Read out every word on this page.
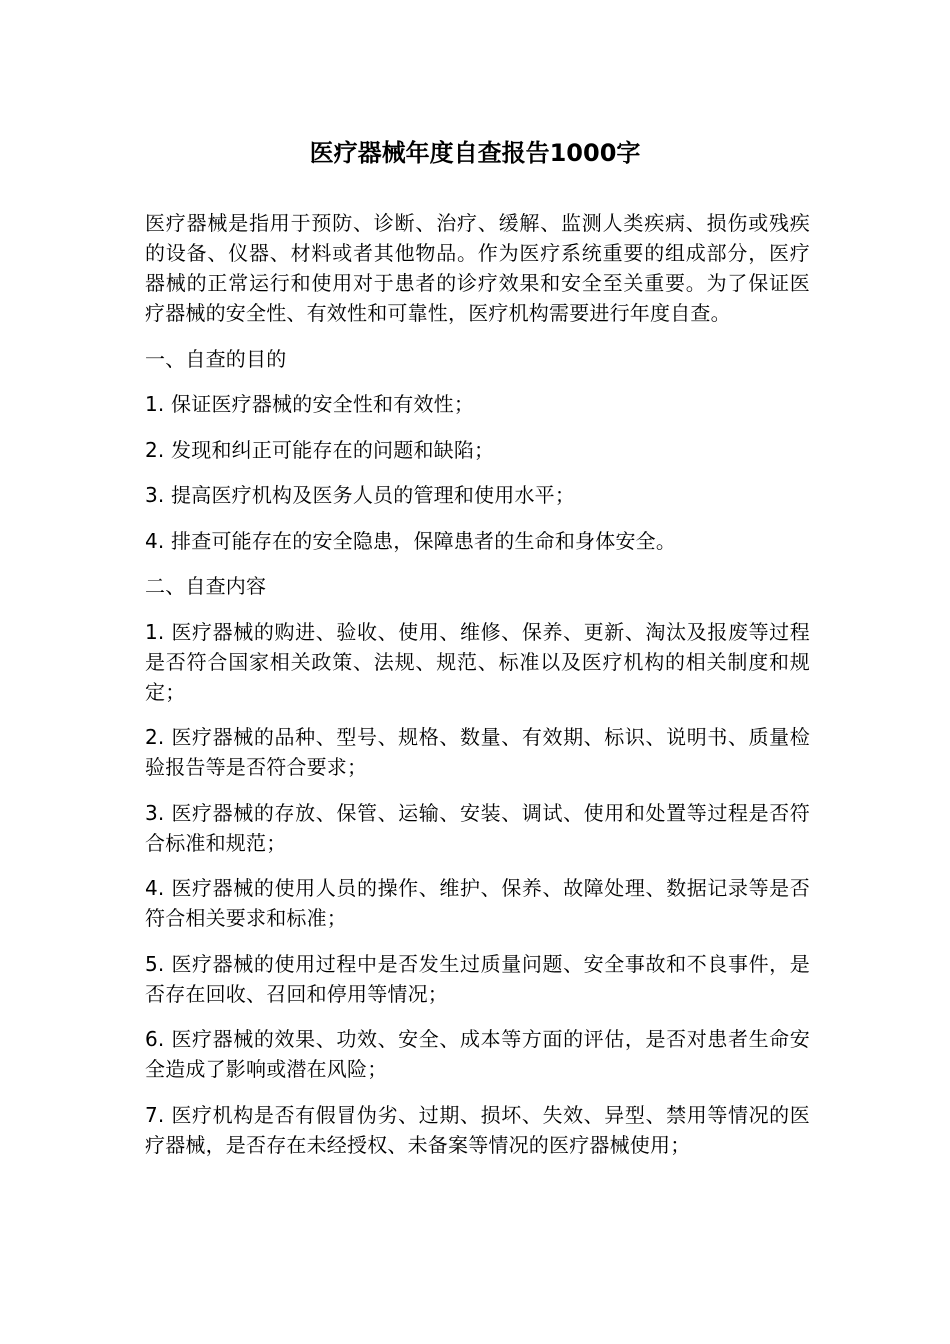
医疗器械年度自查报告1000字

医疗器械是指用于预防、诊断、治疗、缓解、监测人类疾病、损伤或残疾的设备、仪器、材料或者其他物品。作为医疗系统重要的组成部分，医疗器械的正常运行和使用对于患者的诊疗效果和安全至关重要。为了保证医疗器械的安全性、有效性和可靠性，医疗机构需要进行年度自查。

一、自查的目的

1. 保证医疗器械的安全性和有效性；

2. 发现和纠正可能存在的问题和缺陷；

3. 提高医疗机构及医务人员的管理和使用水平；

4. 排查可能存在的安全隐患，保障患者的生命和身体安全。

二、自查内容

1. 医疗器械的购进、验收、使用、维修、保养、更新、淘汰及报废等过程是否符合国家相关政策、法规、规范、标准以及医疗机构的相关制度和规定；

2. 医疗器械的品种、型号、规格、数量、有效期、标识、说明书、质量检验报告等是否符合要求；

3. 医疗器械的存放、保管、运输、安装、调试、使用和处置等过程是否符合标准和规范；

4. 医疗器械的使用人员的操作、维护、保养、故障处理、数据记录等是否符合相关要求和标准；

5. 医疗器械的使用过程中是否发生过质量问题、安全事故和不良事件，是否存在回收、召回和停用等情况；

6. 医疗器械的效果、功效、安全、成本等方面的评估，是否对患者生命安全造成了影响或潜在风险；

7. 医疗机构是否有假冒伪劣、过期、损坏、失效、异型、禁用等情况的医疗器械，是否存在未经授权、未备案等情况的医疗器械使用；
